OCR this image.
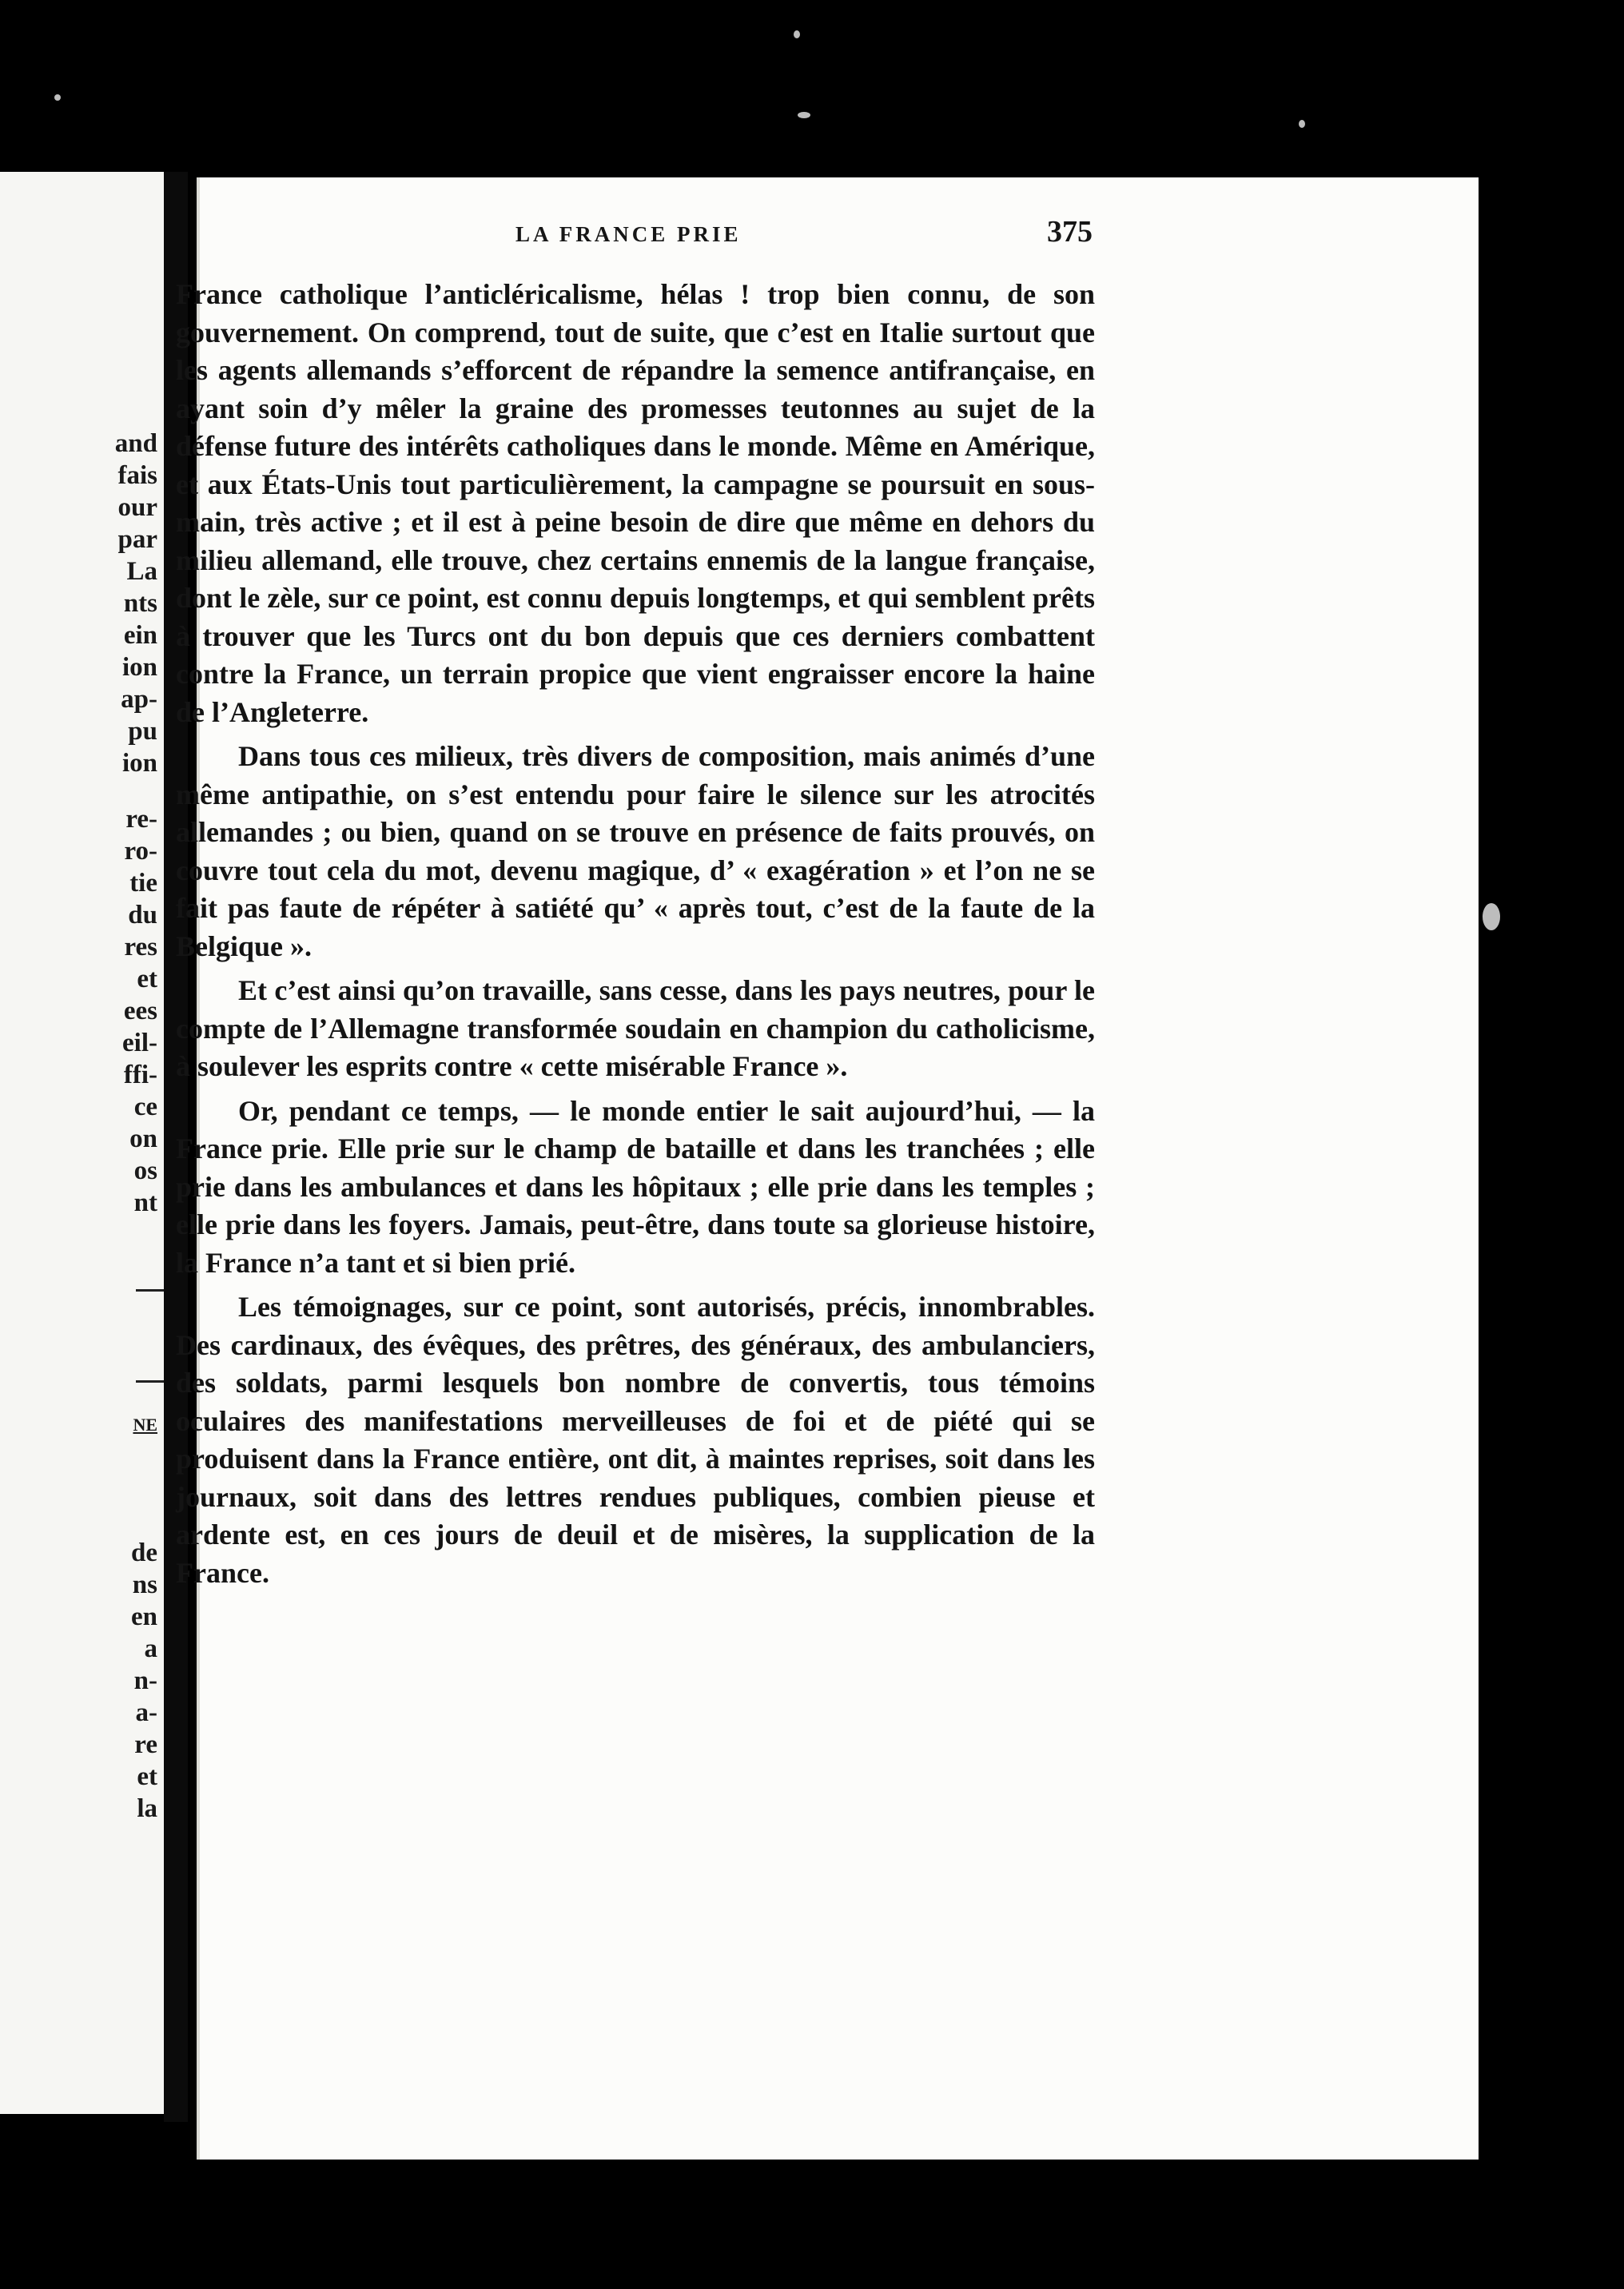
and
fais
our
par
La
nts
ein
ion
ap-
pu
ion
re-
ro-
tie
du
res
et
ees
eil-
ffi-
ce
on
os
nt
NE
de
ns
en
a
n-
a-
re
et
la
LA FRANCE PRIE	375

France catholique l’anticléricalisme, hélas ! trop bien connu, de son gouvernement. On comprend, tout de suite, que c’est en Italie surtout que les agents allemands s’efforcent de répandre la semence antifrançaise, en ayant soin d’y mêler la graine des promesses teutonnes au sujet de la défense future des intérêts catholiques dans le monde. Même en Amérique, et aux États-Unis tout particulièrement, la campagne se poursuit en sous-main, très active ; et il est à peine besoin de dire que même en dehors du milieu allemand, elle trouve, chez certains ennemis de la langue française, dont le zèle, sur ce point, est connu depuis longtemps, et qui semblent prêts à trouver que les Turcs ont du bon depuis que ces derniers combattent contre la France, un terrain propice que vient engraisser encore la haine de l’Angleterre.

Dans tous ces milieux, très divers de composition, mais animés d’une même antipathie, on s’est entendu pour faire le silence sur les atrocités allemandes ; ou bien, quand on se trouve en présence de faits prouvés, on couvre tout cela du mot, devenu magique, d’ « exagération » et l’on ne se fait pas faute de répéter à satiété qu’ « après tout, c’est de la faute de la Belgique ».

Et c’est ainsi qu’on travaille, sans cesse, dans les pays neutres, pour le compte de l’Allemagne transformée soudain en champion du catholicisme, à soulever les esprits contre « cette misérable France ».

Or, pendant ce temps, — le monde entier le sait aujourd’hui, — la France prie. Elle prie sur le champ de bataille et dans les tranchées ; elle prie dans les ambulances et dans les hôpitaux ; elle prie dans les temples ; elle prie dans les foyers. Jamais, peut-être, dans toute sa glorieuse histoire, la France n’a tant et si bien prié.

Les témoignages, sur ce point, sont autorisés, précis, innombrables. Des cardinaux, des évêques, des prêtres, des généraux, des ambulanciers, des soldats, parmi lesquels bon nombre de convertis, tous témoins oculaires des manifestations merveilleuses de foi et de piété qui se produisent dans la France entière, ont dit, à maintes reprises, soit dans les journaux, soit dans des lettres rendues publiques, combien pieuse et ardente est, en ces jours de deuil et de misères, la supplication de la France.
